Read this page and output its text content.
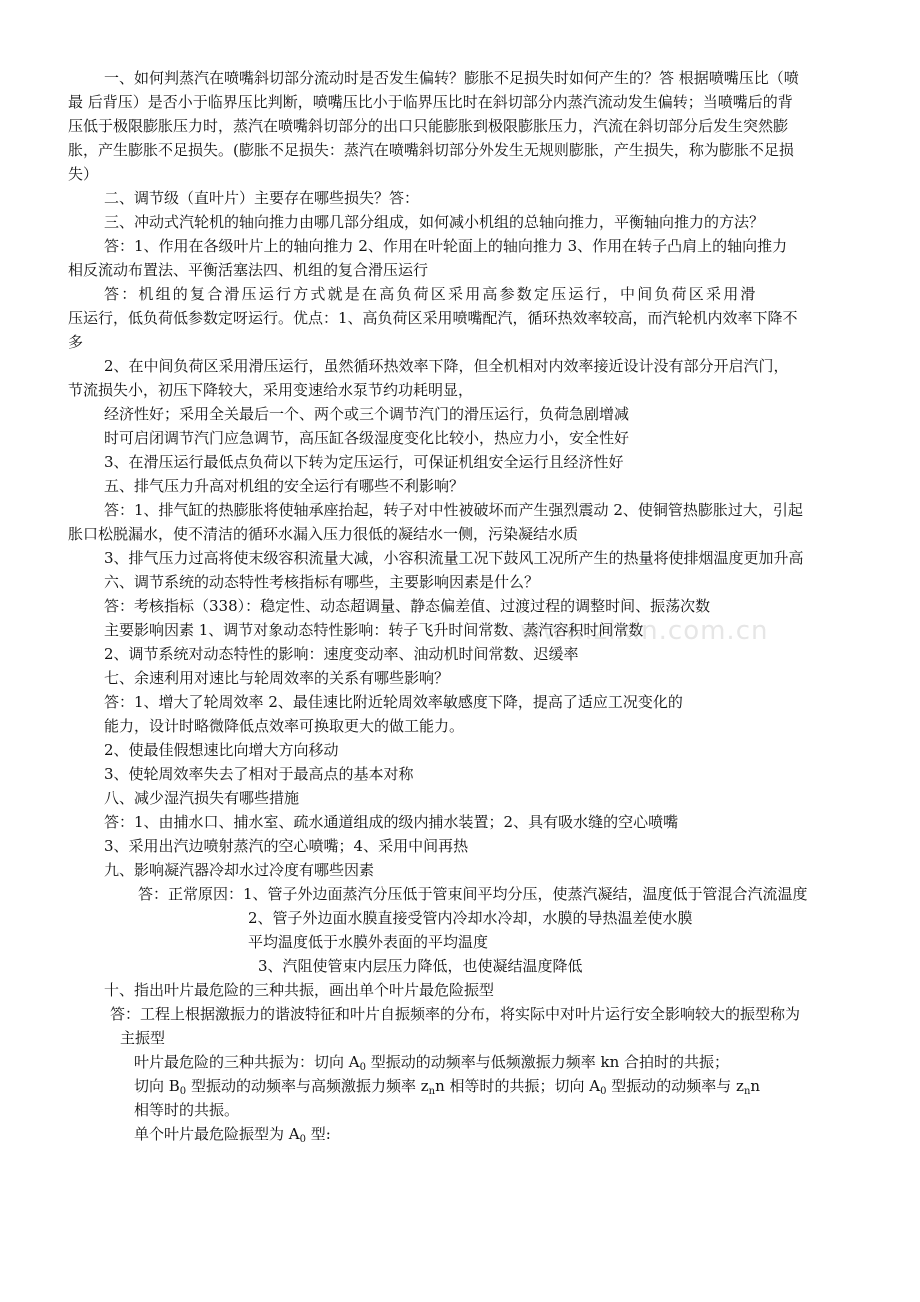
www.zixin.com.cn
一、如何判蒸汽在喷嘴斜切部分流动时是否发生偏转？膨胀不足损失时如何产生的？答 根据喷嘴压比（喷
最 后背压）是否小于临界压比判断，喷嘴压比小于临界压比时在斜切部分内蒸汽流动发生偏转；当喷嘴后的背
压低于极限膨胀压力时，蒸汽在喷嘴斜切部分的出口只能膨胀到极限膨胀压力，汽流在斜切部分后发生突然膨
胀，产生膨胀不足损失。(膨胀不足损失：蒸汽在喷嘴斜切部分外发生无规则膨胀，产生损失，称为膨胀不足损
失）
二、调节级（直叶片）主要存在哪些损失？答：
三、冲动式汽轮机的轴向推力由哪几部分组成，如何减小机组的总轴向推力，平衡轴向推力的方法？
答：1、作用在各级叶片上的轴向推力 2、作用在叶轮面上的轴向推力 3、作用在转子凸肩上的轴向推力
相反流动布置法、平衡活塞法四、机组的复合滑压运行
答：机组的复合滑压运行方式就是在高负荷区采用高参数定压运行，中间负荷区采用滑
压运行，低负荷低参数定呀运行。优点：1、高负荷区采用喷嘴配汽，循环热效率较高，而汽轮机内效率下降不
多
2、在中间负荷区采用滑压运行，虽然循环热效率下降，但全机相对内效率接近设计没有部分开启汽门，
节流损失小，初压下降较大，采用变速给水泵节约功耗明显，
经济性好；采用全关最后一个、两个或三个调节汽门的滑压运行，负荷急剧增减
时可启闭调节汽门应急调节，高压缸各级湿度变化比较小，热应力小，安全性好
3、在滑压运行最低点负荷以下转为定压运行，可保证机组安全运行且经济性好
五、排气压力升高对机组的安全运行有哪些不利影响？
答：1、排气缸的热膨胀将使轴承座抬起，转子对中性被破坏而产生强烈震动 2、使铜管热膨胀过大，引起
胀口松脱漏水，使不清洁的循环水漏入压力很低的凝结水一侧，污染凝结水质
3、排气压力过高将使末级容积流量大减，小容积流量工况下鼓风工况所产生的热量将使排烟温度更加升高
六、调节系统的动态特性考核指标有哪些，主要影响因素是什么？
答：考核指标（338）：稳定性、动态超调量、静态偏差值、过渡过程的调整时间、振荡次数
主要影响因素 1、调节对象动态特性影响：转子飞升时间常数、蒸汽容积时间常数
2、调节系统对动态特性的影响：速度变动率、油动机时间常数、迟缓率
七、余速利用对速比与轮周效率的关系有哪些影响？
答：1、增大了轮周效率 2、最佳速比附近轮周效率敏感度下降，提高了适应工况变化的
能力，设计时略微降低点效率可换取更大的做工能力。
2、使最佳假想速比向增大方向移动
3、使轮周效率失去了相对于最高点的基本对称
八、减少湿汽损失有哪些措施
答：1、由捕水口、捕水室、疏水通道组成的级内捕水装置；2、具有吸水缝的空心喷嘴
3、采用出汽边喷射蒸汽的空心喷嘴；4、采用中间再热
九、影响凝汽器冷却水过冷度有哪些因素
答：正常原因：1、管子外边面蒸汽分压低于管束间平均分压，使蒸汽凝结，温度低于管混合汽流温度
2、管子外边面水膜直接受管内冷却水冷却，水膜的导热温差使水膜
平均温度低于水膜外表面的平均温度
3、汽阻使管束内层压力降低，也使凝结温度降低
十、指出叶片最危险的三种共振，画出单个叶片最危险振型
答：工程上根据激振力的谐波特征和叶片自振频率的分布，将实际中对叶片运行安全影响较大的振型称为
主振型
叶片最危险的三种共振为：切向 $A_0$ 型振动的动频率与低频激振力频率 kn 合拍时的共振；
切向 $B_0$ 型振动的动频率与高频激振力频率 $z_nn$ 相等时的共振；切向 $A_0$ 型振动的动频率与 $z_nn$
相等时的共振。
单个叶片最危险振型为 $A_0$ 型:
